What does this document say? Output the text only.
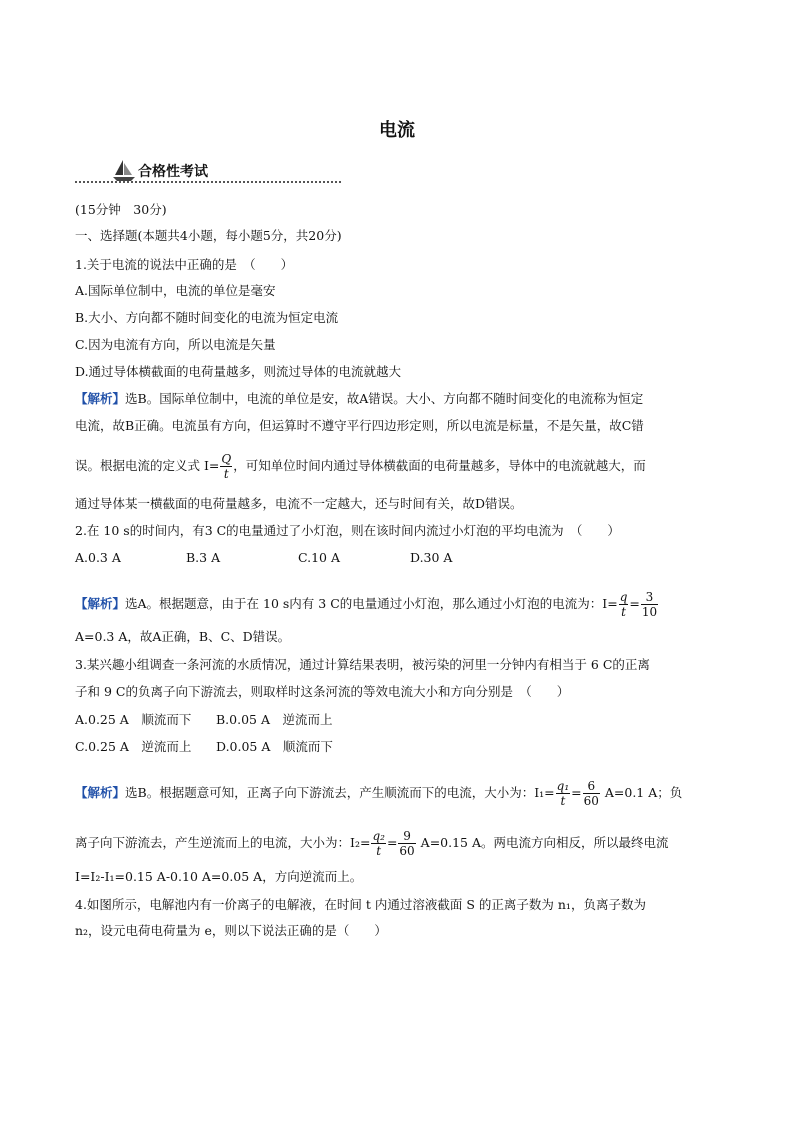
电流
合格性考试
(15分钟　30分)
一、选择题(本题共4小题，每小题5分，共20分)
1.关于电流的说法中正确的是　（　　）
A.国际单位制中，电流的单位是毫安
B.大小、方向都不随时间变化的电流为恒定电流
C.因为电流有方向，所以电流是矢量
D.通过导体横截面的电荷量越多，则流过导体的电流就越大
【解析】选B。国际单位制中，电流的单位是安，故A错误。大小、方向都不随时间变化的电流称为恒定
电流，故B正确。电流虽有方向，但运算时不遵守平行四边形定则，所以电流是标量，不是矢量，故C错
误。根据电流的定义式 $I= \frac{Q}{t}$ ，可知单位时间内通过导体横截面的电荷量越多，导体中的电流就越大，而
通过导体某一横截面的电荷量越多，电流不一定越大，还与时间有关，故D错误。
2.在 10 s的时间内，有3 C的电量通过了小灯泡，则在该时间内流过小灯泡的平均电流为　（　　）
A.0.3 A	B.3 A	C.10 A	D.30 A
【解析】选A。根据题意，由于在 10 s内有 3 C的电量通过小灯泡，那么通过小灯泡的电流为：$I= \frac{q}{t} = \frac{3}{10}$
A=0.3 A，故A正确，B、C、D错误。
3.某兴趣小组调查一条河流的水质情况，通过计算结果表明，被污染的河里一分钟内有相当于 6 C的正离
子和 9 C的负离子向下游流去，则取样时这条河流的等效电流大小和方向分别是　（　　）
A.0.25 A　顺流而下 B.0.05 A　逆流而上
C.0.25 A　逆流而上 D.0.05 A　顺流而下
【解析】选B。根据题意可知，正离子向下游流去，产生顺流而下的电流，大小为：$I_1= \frac{\text{q₁}}{t} = \frac{6}{60} A=0.1$ A；负
离子向下游流去，产生逆流而上的电流，大小为：$I_2= \frac{\text{q₂}}{t} = \frac{9}{60} A=0.15$ A。两电流方向相反，所以最终电流
I=I₂-I₁=0.15 A-0.10 A=0.05 A，方向逆流而上。
4.如图所示，电解池内有一价离子的电解液，在时间 t 内通过溶液截面 S 的正离子数为 n₁，负离子数为
n₂，设元电荷电荷量为 e，则以下说法正确的是（　　）
